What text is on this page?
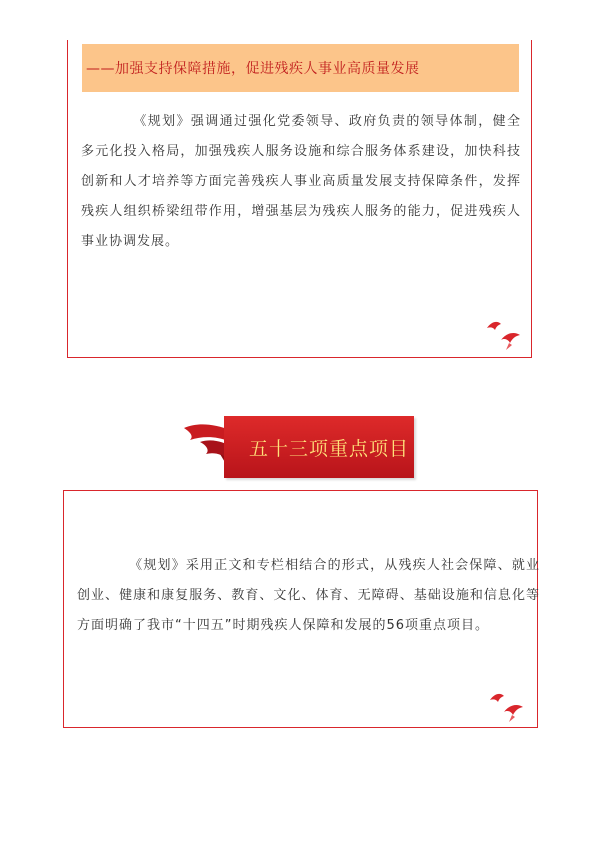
——加强支持保障措施，促进残疾人事业高质量发展

《规划》强调通过强化党委领导、政府负责的领导体制，健全多元化投入格局，加强残疾人服务设施和综合服务体系建设，加快科技创新和人才培养等方面完善残疾人事业高质量发展支持保障条件，发挥残疾人组织桥梁纽带作用，增强基层为残疾人服务的能力，促进残疾人事业协调发展。

五十三项重点项目

《规划》采用正文和专栏相结合的形式，从残疾人社会保障、就业创业、健康和康复服务、教育、文化、体育、无障碍、基础设施和信息化等方面明确了我市“十四五”时期残疾人保障和发展的56项重点项目。
